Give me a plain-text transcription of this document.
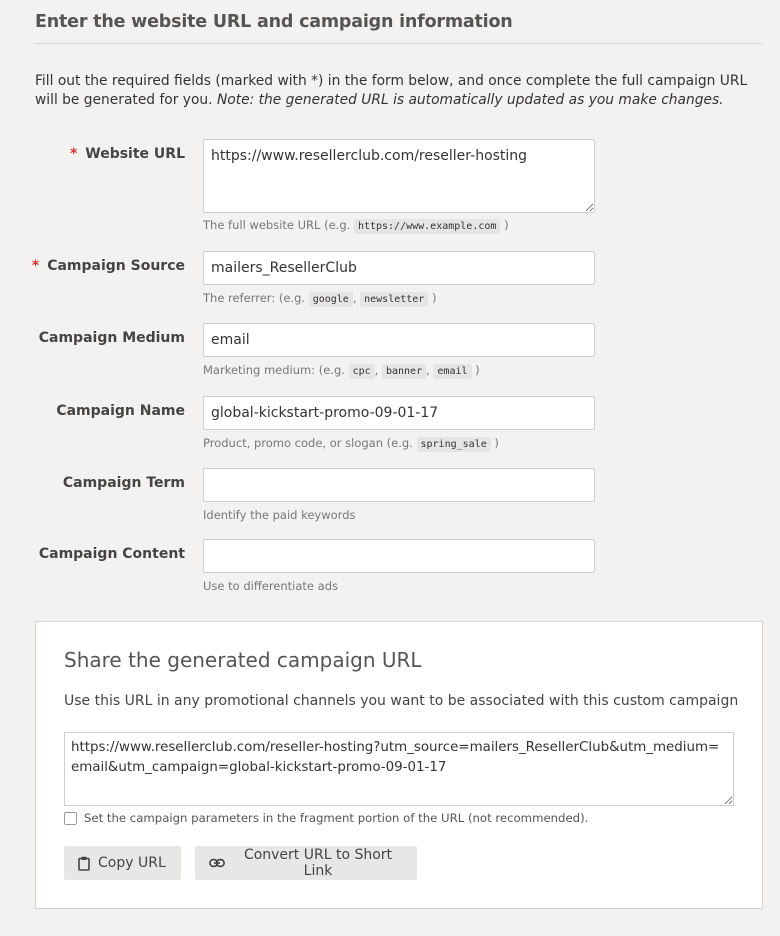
Enter the website URL and campaign information
Fill out the required fields (marked with *) in the form below, and once complete the full campaign URL will be generated for you. Note: the generated URL is automatically updated as you make changes.
* Website URL
https://www.resellerclub.com/reseller-hosting
The full website URL (e.g. https://www.example.com )
* Campaign Source
mailers_ResellerClub
The referrer: (e.g. google , newsletter )
Campaign Medium
email
Marketing medium: (e.g. cpc , banner , email )
Campaign Name
global-kickstart-promo-09-01-17
Product, promo code, or slogan (e.g. spring_sale )
Campaign Term
Identify the paid keywords
Campaign Content
Use to differentiate ads
Share the generated campaign URL
Use this URL in any promotional channels you want to be associated with this custom campaign
https://www.resellerclub.com/reseller-hosting?utm_source=mailers_ResellerClub&utm_medium=email&utm_campaign=global-kickstart-promo-09-01-17
Set the campaign parameters in the fragment portion of the URL (not recommended).
Copy URL	Convert URL to Short Link
